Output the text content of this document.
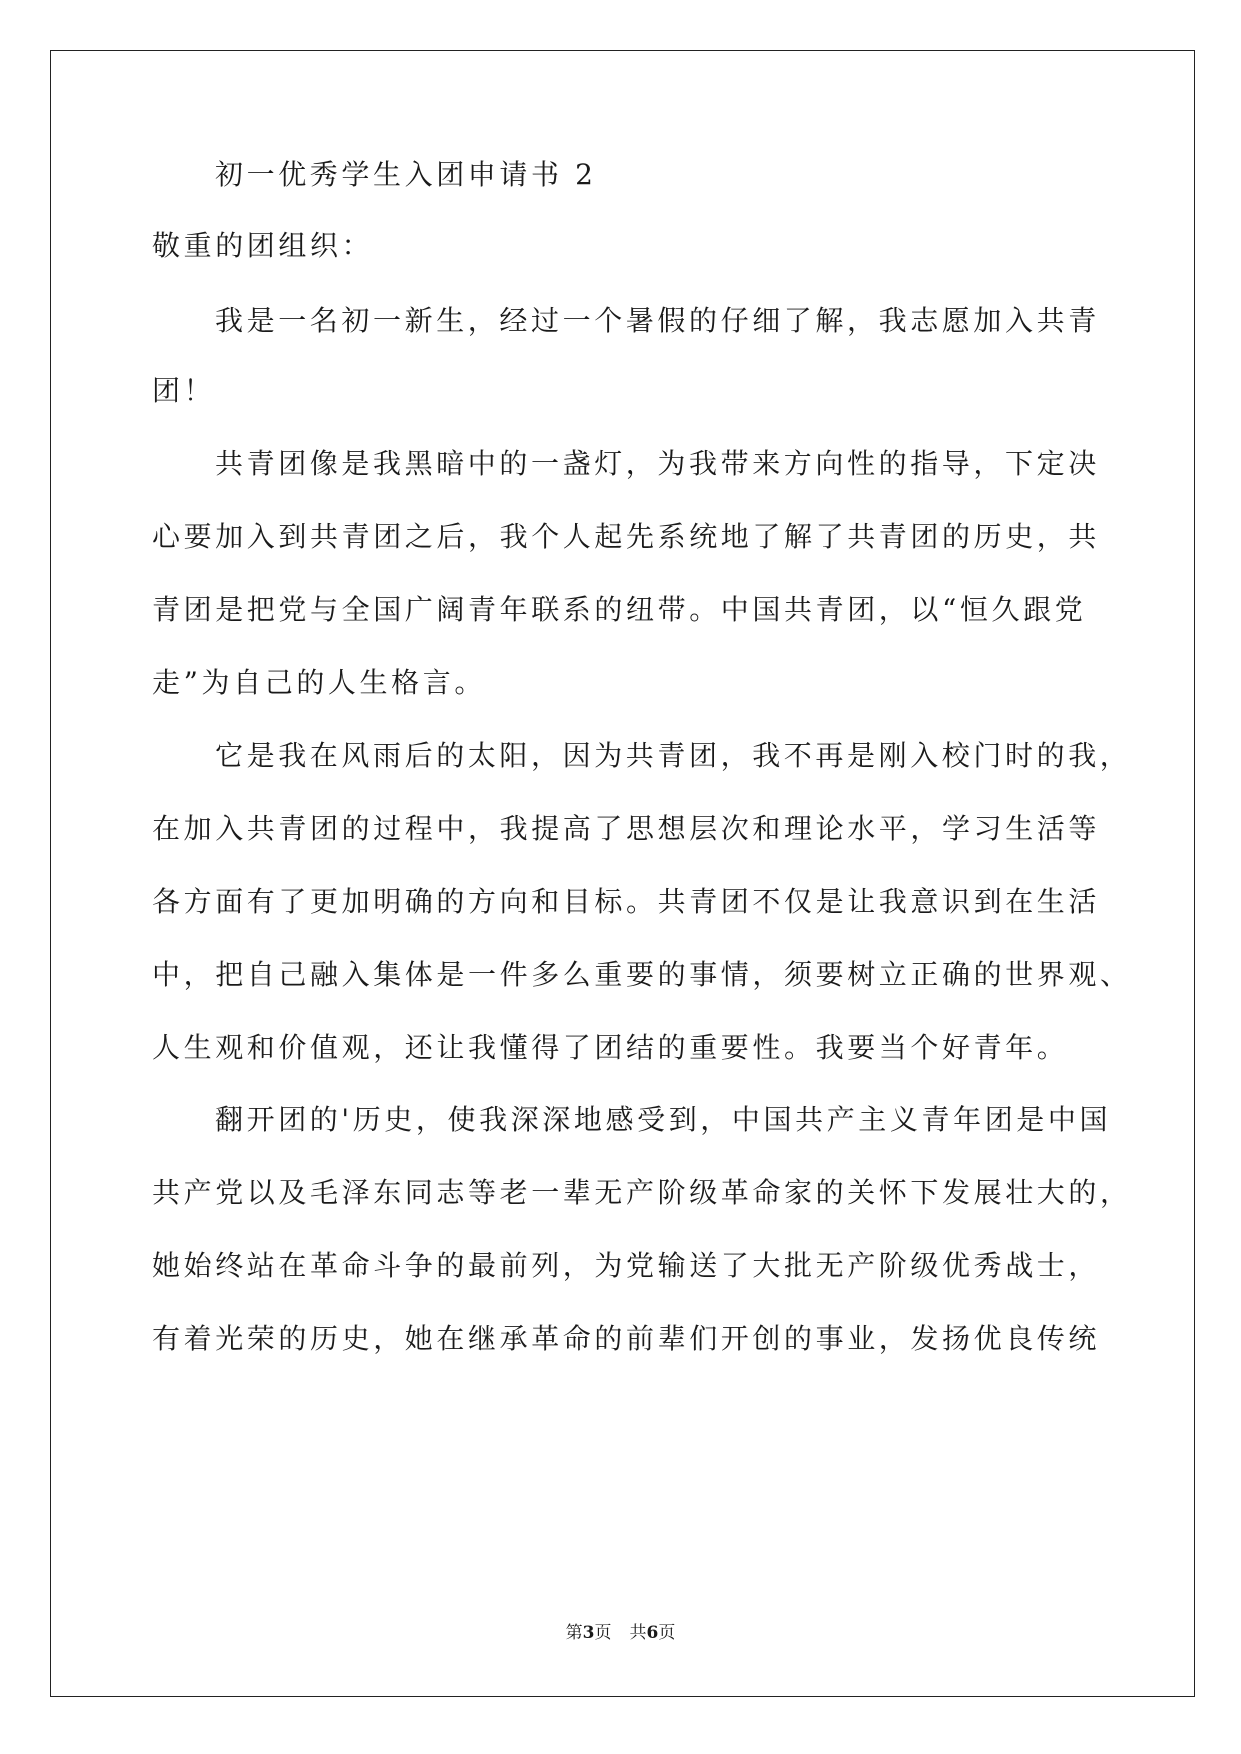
初一优秀学生入团申请书 2
敬重的团组织：
我是一名初一新生，经过一个暑假的仔细了解，我志愿加入共青
团！
共青团像是我黑暗中的一盏灯，为我带来方向性的指导，下定决
心要加入到共青团之后，我个人起先系统地了解了共青团的历史，共
青团是把党与全国广阔青年联系的纽带。中国共青团，以“恒久跟党
走”为自己的人生格言。
它是我在风雨后的太阳，因为共青团，我不再是刚入校门时的我，
在加入共青团的过程中，我提高了思想层次和理论水平，学习生活等
各方面有了更加明确的方向和目标。共青团不仅是让我意识到在生活
中，把自己融入集体是一件多么重要的事情，须要树立正确的世界观、
人生观和价值观，还让我懂得了团结的重要性。我要当个好青年。
翻开团的'历史，使我深深地感受到，中国共产主义青年团是中国
共产党以及毛泽东同志等老一辈无产阶级革命家的关怀下发展壮大的，
她始终站在革命斗争的最前列，为党输送了大批无产阶级优秀战士，
有着光荣的历史，她在继承革命的前辈们开创的事业，发扬优良传统
第3页 共6页
